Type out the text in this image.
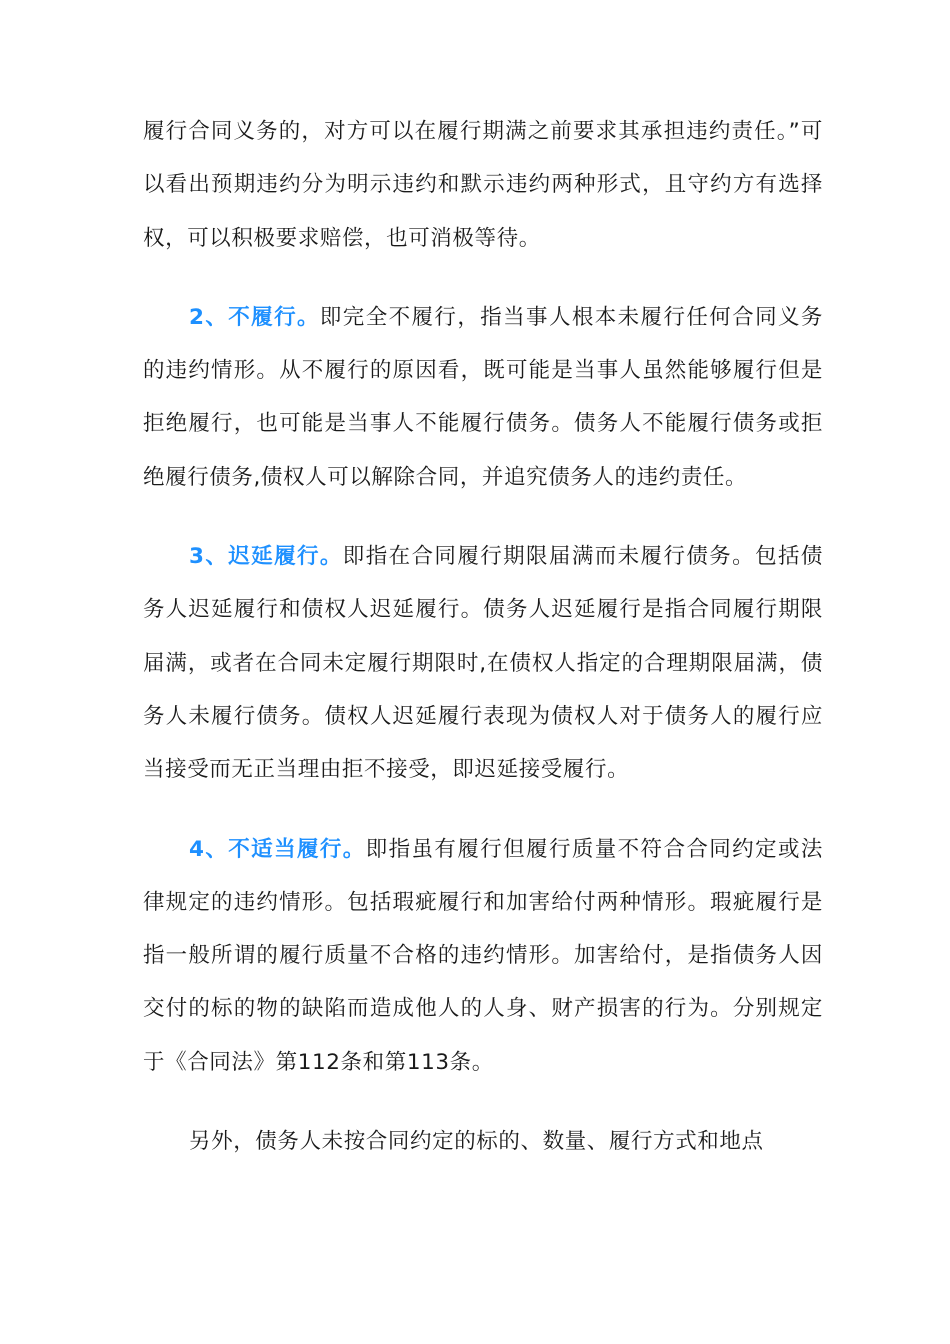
履行合同义务的，对方可以在履行期满之前要求其承担违约责任。”可以看出预期违约分为明示违约和默示违约两种形式，且守约方有选择权，可以积极要求赔偿，也可消极等待。

2、不履行。即完全不履行，指当事人根本未履行任何合同义务的违约情形。从不履行的原因看，既可能是当事人虽然能够履行但是拒绝履行，也可能是当事人不能履行债务。债务人不能履行债务或拒绝履行债务,债权人可以解除合同，并追究债务人的违约责任。

3、迟延履行。即指在合同履行期限届满而未履行债务。包括债务人迟延履行和债权人迟延履行。债务人迟延履行是指合同履行期限届满，或者在合同未定履行期限时,在债权人指定的合理期限届满，债务人未履行债务。债权人迟延履行表现为债权人对于债务人的履行应当接受而无正当理由拒不接受，即迟延接受履行。

4、不适当履行。即指虽有履行但履行质量不符合合同约定或法律规定的违约情形。包括瑕疵履行和加害给付两种情形。瑕疵履行是指一般所谓的履行质量不合格的违约情形。加害给付，是指债务人因交付的标的物的缺陷而造成他人的人身、财产损害的行为。分别规定于《合同法》第112条和第113条。

另外，债务人未按合同约定的标的、数量、履行方式和地点
